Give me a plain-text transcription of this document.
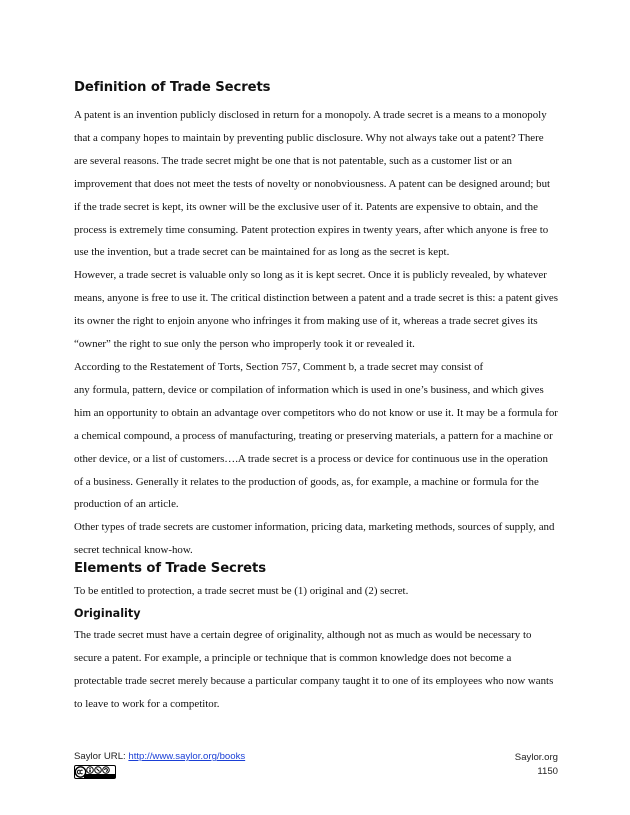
Definition of Trade Secrets

A patent is an invention publicly disclosed in return for a monopoly. A trade secret is a means to a monopoly that a company hopes to maintain by preventing public disclosure. Why not always take out a patent? There are several reasons. The trade secret might be one that is not patentable, such as a customer list or an improvement that does not meet the tests of novelty or nonobviousness. A patent can be designed around; but if the trade secret is kept, its owner will be the exclusive user of it. Patents are expensive to obtain, and the process is extremely time consuming. Patent protection expires in twenty years, after which anyone is free to use the invention, but a trade secret can be maintained for as long as the secret is kept.

However, a trade secret is valuable only so long as it is kept secret. Once it is publicly revealed, by whatever means, anyone is free to use it. The critical distinction between a patent and a trade secret is this: a patent gives its owner the right to enjoin anyone who infringes it from making use of it, whereas a trade secret gives its “owner” the right to sue only the person who improperly took it or revealed it.

According to the Restatement of Torts, Section 757, Comment b, a trade secret may consist of

any formula, pattern, device or compilation of information which is used in one’s business, and which gives him an opportunity to obtain an advantage over competitors who do not know or use it. It may be a formula for a chemical compound, a process of manufacturing, treating or preserving materials, a pattern for a machine or other device, or a list of customers….A trade secret is a process or device for continuous use in the operation of a business. Generally it relates to the production of goods, as, for example, a machine or formula for the production of an article.

Other types of trade secrets are customer information, pricing data, marketing methods, sources of supply, and secret technical know-how.

Elements of Trade Secrets

To be entitled to protection, a trade secret must be (1) original and (2) secret.

Originality

The trade secret must have a certain degree of originality, although not as much as would be necessary to secure a patent. For example, a principle or technique that is common knowledge does not become a protectable trade secret merely because a particular company taught it to one of its employees who now wants to leave to work for a competitor.

Saylor URL: http://www.saylor.org/books	Saylor.org
1150
